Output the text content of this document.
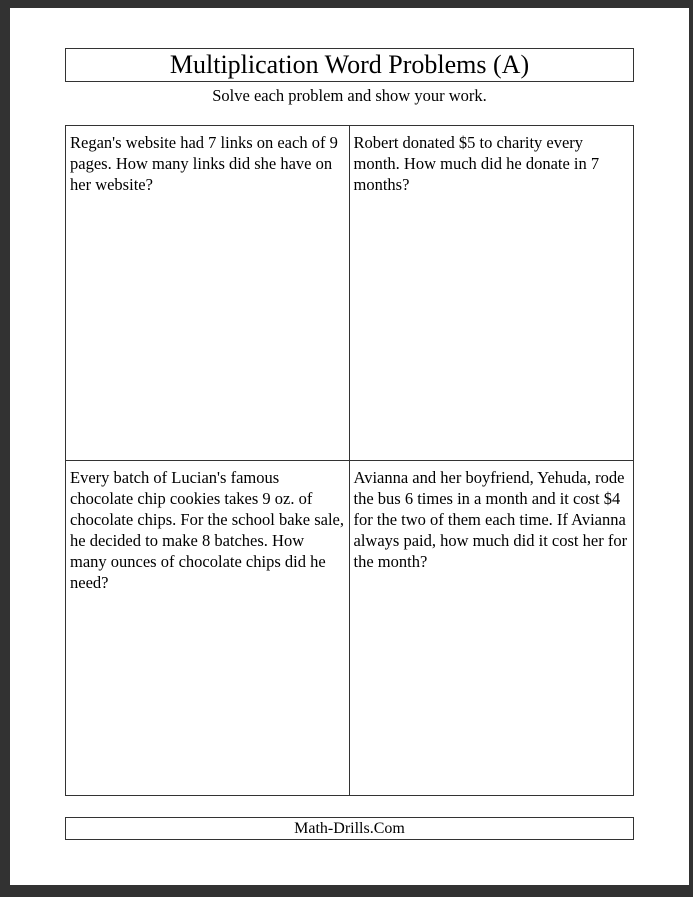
Multiplication Word Problems (A)
Solve each problem and show your work.
Regan's website had 7 links on each of 9 pages. How many links did she have on her website?
Robert donated $5 to charity every month. How much did he donate in 7 months?
Every batch of Lucian's famous chocolate chip cookies takes 9 oz. of chocolate chips. For the school bake sale, he decided to make 8 batches. How many ounces of chocolate chips did he need?
Avianna and her boyfriend, Yehuda, rode the bus 6 times in a month and it cost $4 for the two of them each time. If Avianna always paid, how much did it cost her for the month?
Math-Drills.Com
